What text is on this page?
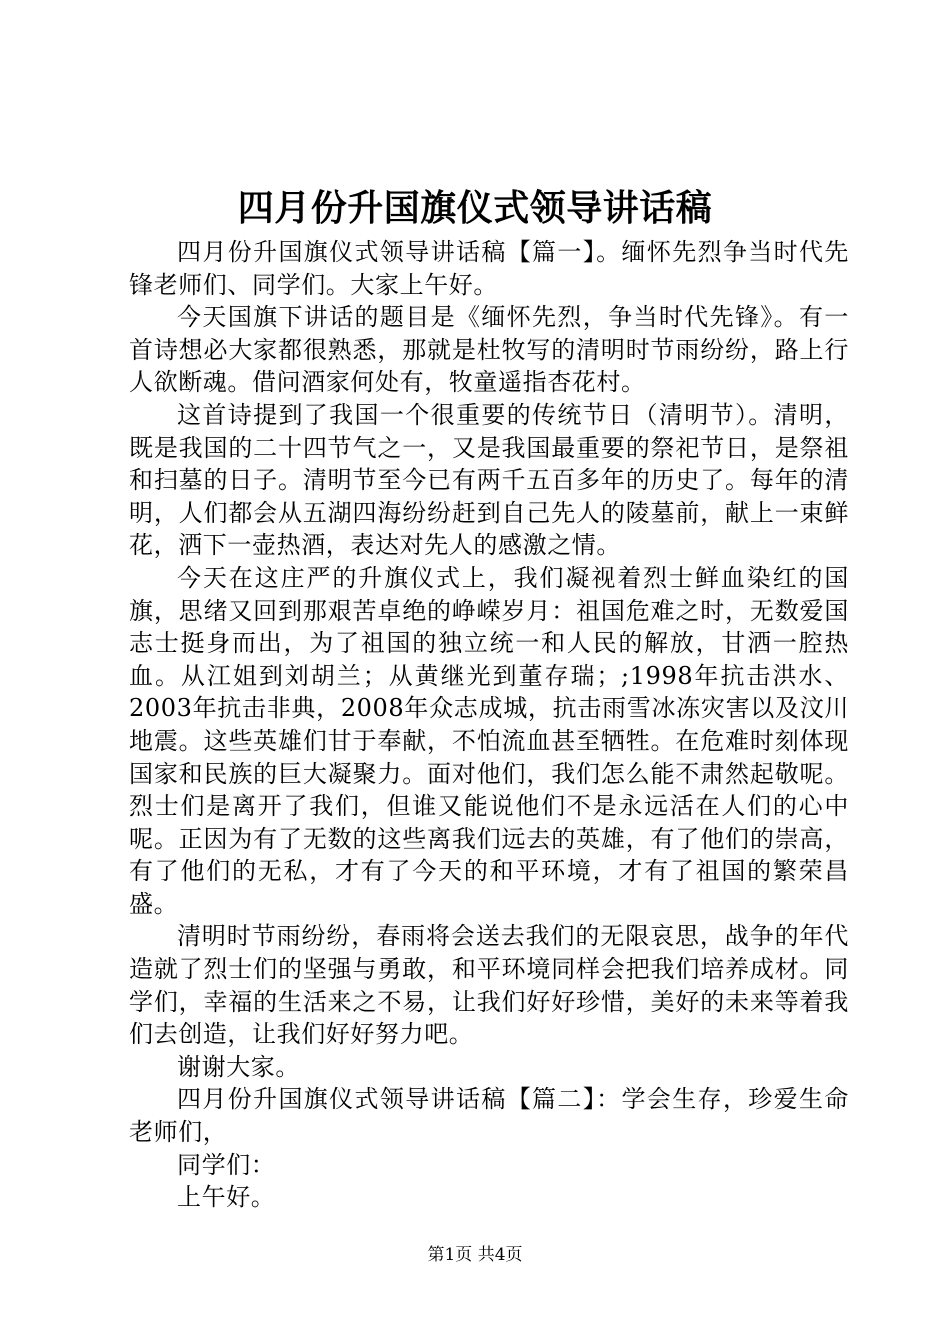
四月份升国旗仪式领导讲话稿

四月份升国旗仪式领导讲话稿【篇一】。缅怀先烈争当时代先锋老师们、同学们。大家上午好。

今天国旗下讲话的题目是《缅怀先烈，争当时代先锋》。有一首诗想必大家都很熟悉，那就是杜牧写的清明时节雨纷纷，路上行人欲断魂。借问酒家何处有，牧童遥指杏花村。

这首诗提到了我国一个很重要的传统节日（清明节）。清明，既是我国的二十四节气之一，又是我国最重要的祭祀节日，是祭祖和扫墓的日子。清明节至今已有两千五百多年的历史了。每年的清明，人们都会从五湖四海纷纷赶到自己先人的陵墓前，献上一束鲜花，洒下一壶热酒，表达对先人的感激之情。

今天在这庄严的升旗仪式上，我们凝视着烈士鲜血染红的国旗，思绪又回到那艰苦卓绝的峥嵘岁月：祖国危难之时，无数爱国志士挺身而出，为了祖国的独立统一和人民的解放，甘洒一腔热血。从江姐到刘胡兰；从黄继光到董存瑞；;1998年抗击洪水、2003年抗击非典，2008年众志成城，抗击雨雪冰冻灾害以及汶川地震。这些英雄们甘于奉献，不怕流血甚至牺牲。在危难时刻体现国家和民族的巨大凝聚力。面对他们，我们怎么能不肃然起敬呢。烈士们是离开了我们，但谁又能说他们不是永远活在人们的心中呢。正因为有了无数的这些离我们远去的英雄，有了他们的崇高，有了他们的无私，才有了今天的和平环境，才有了祖国的繁荣昌盛。

清明时节雨纷纷，春雨将会送去我们的无限哀思，战争的年代造就了烈士们的坚强与勇敢，和平环境同样会把我们培养成材。同学们，幸福的生活来之不易，让我们好好珍惜，美好的未来等着我们去创造，让我们好好努力吧。

谢谢大家。

四月份升国旗仪式领导讲话稿【篇二】：学会生存，珍爱生命老师们，

同学们：

上午好。

第1页 共4页
